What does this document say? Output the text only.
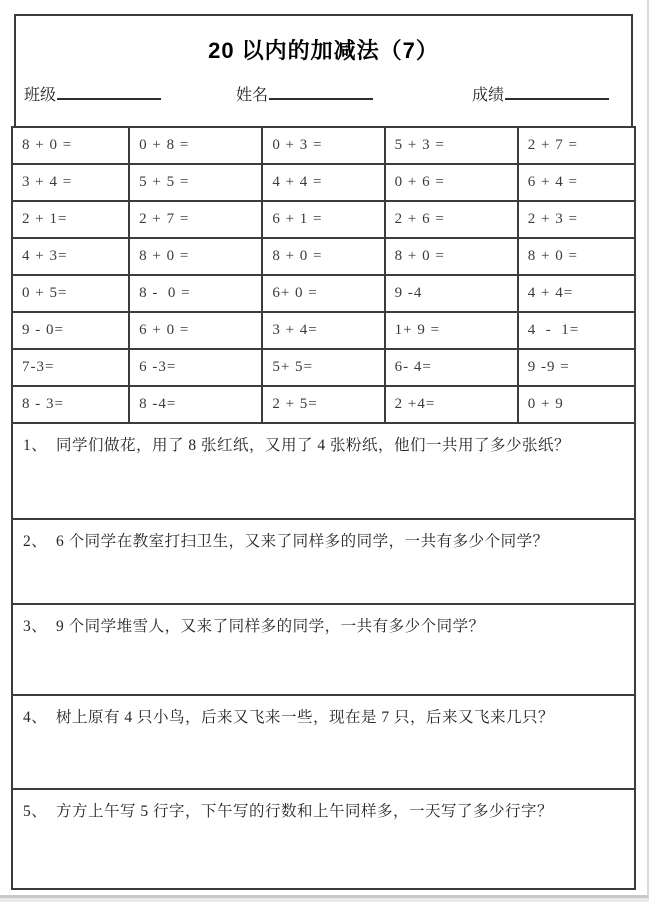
20 以内的加减法（7）
班级	姓名	成绩
8 + 0 =	0 + 8 =	0 + 3 =	5 + 3 =	2 + 7 =
3 + 4 =	5 + 5 =	4 + 4 =	0 + 6 =	6 + 4 =
2 + 1=	2 + 7 =	6 + 1 =	2 + 6 =	2 + 3 =
4 + 3=	8 + 0 =	8 + 0 =	8 + 0 =	8 + 0 =
0 + 5=	8 -  0 =	6+ 0 =	9 -4	4 + 4=
9 - 0=	6 + 0 =	3 + 4=	1+ 9 =	4  -  1=
7-3=	6 -3=	5+ 5=	6- 4=	9 -9 =
8 - 3=	8 -4=	2 + 5=	2 +4=	0 + 9
1、  同学们做花，用了 8 张红纸，又用了 4 张粉纸，他们一共用了多少张纸？
2、  6 个同学在教室打扫卫生，又来了同样多的同学，一共有多少个同学？
3、  9 个同学堆雪人，又来了同样多的同学，一共有多少个同学？
4、  树上原有 4 只小鸟，后来又飞来一些，现在是 7 只，后来又飞来几只？
5、  方方上午写 5 行字，下午写的行数和上午同样多，一天写了多少行字？
